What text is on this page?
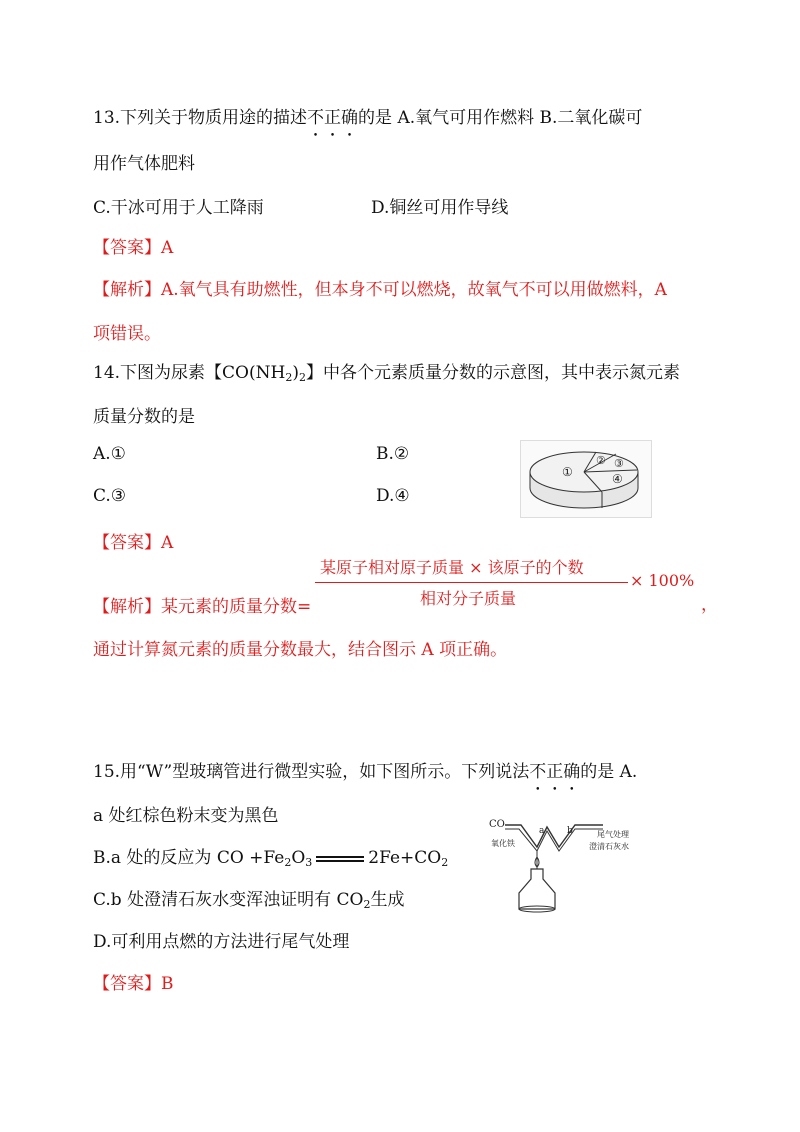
13.下列关于物质用途的描述不正确的是 A.氧气可用作燃料 B.二氧化碳可
用作气体肥料
C.干冰可用于人工降雨	D.铜丝可用作导线
【答案】A
【解析】A.氧气具有助燃性，但本身不可以燃烧，故氧气不可以用做燃料，A
项错误。
14.下图为尿素【$CO(NH_2)_2$】中各个元素质量分数的示意图，其中表示氮元素
质量分数的是
A.①	B.②
C.③	D.④
①
② ③
④
【答案】A
【解析】某元素的质量分数=
某原子相对原子质量 × 该原子的个数
相对分子质量
× 100%
，
通过计算氮元素的质量分数最大，结合图示 A 项正确。
15.用“W”型玻璃管进行微型实验，如下图所示。下列说法不正确的是 A.
a 处红棕色粉末变为黑色
B.a 处的反应为 CO $+Fe_2O_3$	$2Fe+CO_2$
C.b 处澄清石灰水变浑浊证明有 $CO_2$生成
D.可利用点燃的方法进行尾气处理
【答案】B
CO
a	b
氧化铁
尾气处理
澄清石灰水
